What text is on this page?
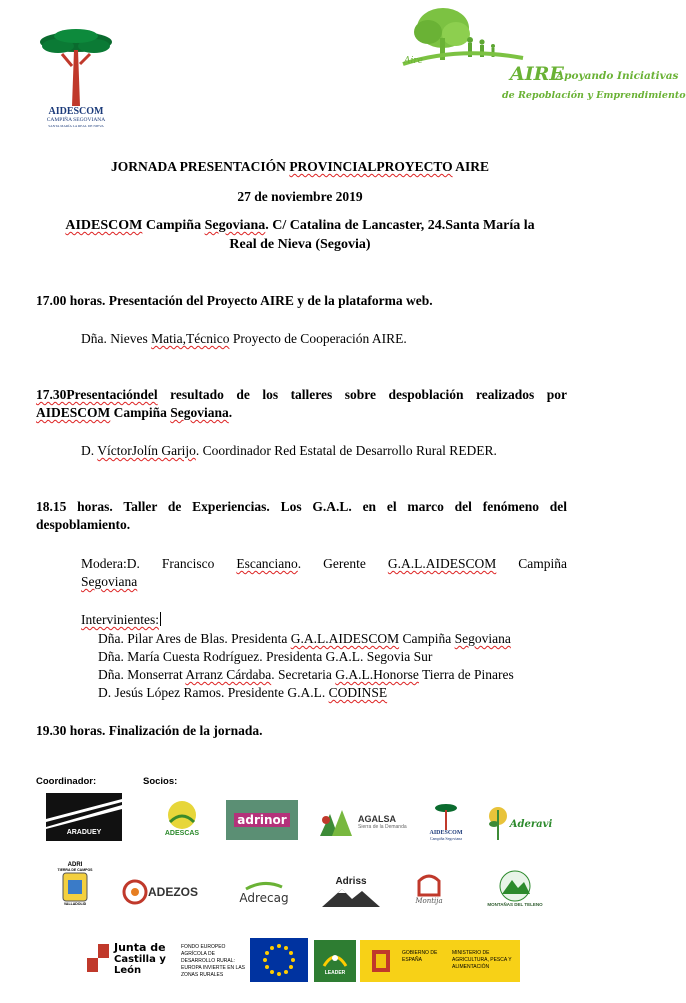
AIDESCOM
CAMPIÑA SEGOVIANA
SANTA MARÍA LA REAL DE NIEVA
Aire
AIRE
Apoyando Iniciativas
de Repoblación y Emprendimiento
JORNADA PRESENTACIÓN PROVINCIALPROYECTO AIRE
27 de noviembre 2019
AIDESCOM Campiña Segoviana. C/ Catalina de Lancaster, 24.Santa María la
Real de Nieva (Segovia)
17.00 horas. Presentación del Proyecto AIRE y de la plataforma web.
Dña. Nieves Matia,Técnico Proyecto de Cooperación AIRE.
17.30Presentacióndel resultado de los talleres sobre despoblación realizados por
AIDESCOM Campiña Segoviana.
D. VíctorJolín Garijo. Coordinador Red Estatal de Desarrollo Rural REDER.
18.15 horas. Taller de Experiencias. Los G.A.L. en el marco del fenómeno del
despoblamiento.
Modera:D. Francisco Escanciano. Gerente G.A.L.AIDESCOM Campiña
Segoviana
Intervinientes:
Dña. Pilar Ares de Blas. Presidenta G.A.L.AIDESCOM Campiña Segoviana
Dña. María Cuesta Rodríguez. Presidenta G.A.L. Segovia Sur
Dña. Monserrat Arranz Cárdaba. Secretaria G.A.L.Honorse Tierra de Pinares
D. Jesús López Ramos. Presidente G.A.L. CODINSE
19.30 horas. Finalización de la jornada.
Coordinador:	Socios:
ARADUEY	ADESCAS
adrinor	AGALSA
Sierra de la Demanda
AIDESCOM
Campiña Segoviana
Aderavi
ADRI
TIERRA DE CAMPOS
VALLADOLID
ADEZOS	Adrecag
Adriss
Montija	MONTAÑAS DEL TELENO
Junta de
Castilla y León
FONDO EUROPEO AGRÍCOLA DE DESARROLLO RURAL:
EUROPA INVIERTE EN LAS ZONAS RURALES	LEADER
GOBIERNO DE ESPAÑA
MINISTERIO DE AGRICULTURA, PESCA Y ALIMENTACIÓN
